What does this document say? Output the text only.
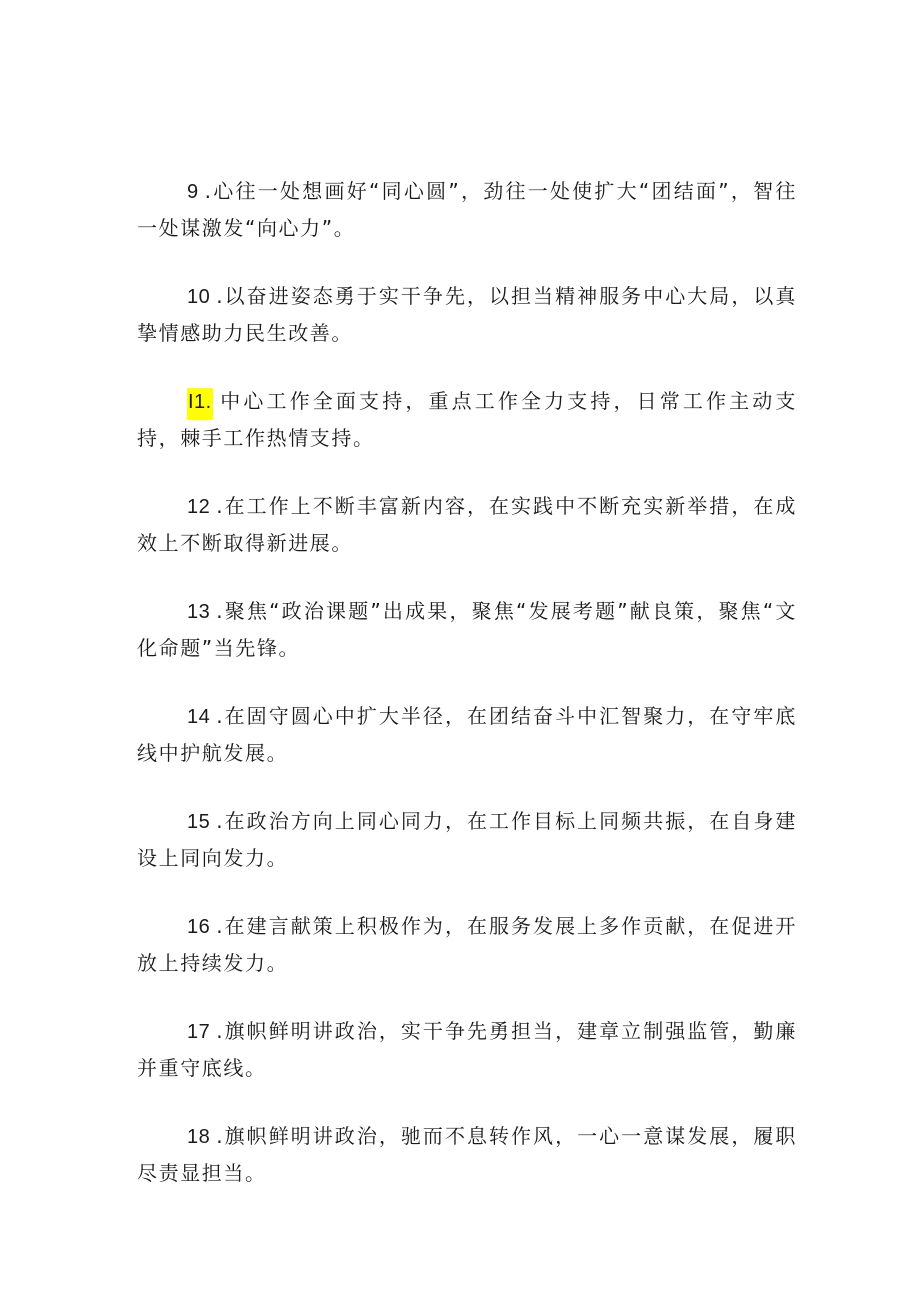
9 .心往一处想画好“同心圆”，劲往一处使扩大“团结面”，智往一处谋激发“向心力”。

10 .以奋进姿态勇于实干争先，以担当精神服务中心大局，以真挚情感助力民生改善。

I1. 中心工作全面支持，重点工作全力支持，日常工作主动支持，棘手工作热情支持。

12 .在工作上不断丰富新内容，在实践中不断充实新举措，在成效上不断取得新进展。

13 .聚焦“政治课题”出成果，聚焦“发展考题”献良策，聚焦“文化命题”当先锋。

14 .在固守圆心中扩大半径，在团结奋斗中汇智聚力，在守牢底线中护航发展。

15 .在政治方向上同心同力，在工作目标上同频共振，在自身建设上同向发力。

16 .在建言献策上积极作为，在服务发展上多作贡献，在促进开放上持续发力。

17 .旗帜鲜明讲政治，实干争先勇担当，建章立制强监管，勤廉并重守底线。

18 .旗帜鲜明讲政治，驰而不息转作风，一心一意谋发展，履职尽责显担当。
